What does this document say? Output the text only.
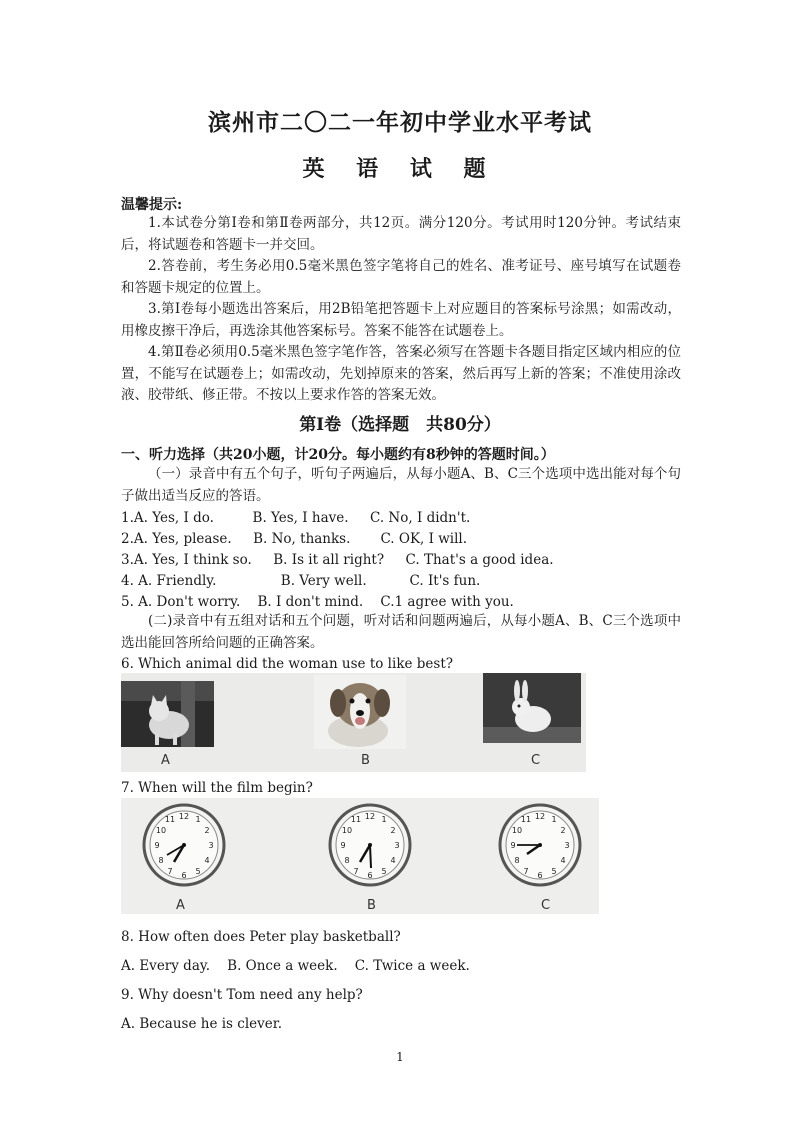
滨州市二〇二一年初中学业水平考试
英 语 试 题
温馨提示:
1.本试卷分第Ⅰ卷和第Ⅱ卷两部分，共12页。满分120分。考试用时120分钟。考试结束后，将试题卷和答题卡一并交回。
2.答卷前，考生务必用0.5毫米黑色签字笔将自己的姓名、准考证号、座号填写在试题卷和答题卡规定的位置上。
3.第Ⅰ卷每小题选出答案后，用2B铅笔把答题卡上对应题目的答案标号涂黑；如需改动，用橡皮擦干净后，再选涂其他答案标号。答案不能答在试题卷上。
4.第Ⅱ卷必须用0.5毫米黑色签字笔作答，答案必须写在答题卡各题目指定区域内相应的位置，不能写在试题卷上；如需改动，先划掉原来的答案，然后再写上新的答案；不准使用涂改液、胶带纸、修正带。不按以上要求作答的答案无效。
第Ⅰ卷（选择题　共80分）
一、听力选择（共20小题，计20分。每小题约有8秒钟的答题时间。）
（一）录音中有五个句子，听句子两遍后，从每小题A、B、C三个选项中选出能对每个句子做出适当反应的答语。
1.A. Yes, I do.         B. Yes, I have.     C. No, I didn't.
2.A. Yes, please.     B. No, thanks.       C. OK, I will.
3.A. Yes, I think so.     B. Is it all right?     C. That's a good idea.
4. A. Friendly.               B. Very well.          C. It's fun.
5. A. Don't worry.    B. I don't mind.    C.1 agree with you.
(二)录音中有五组对话和五个问题，听对话和问题两遍后，从每小题A、B、C三个选项中选出能回答所给问题的正确答案。
6. Which animal did the woman use to like best?
A	B	C
7. When will the film begin?
12 1
2
3
4
5
6
7
8
9
10
11
A
12 1
2
3
4
5
6
7
8
9
10
11
B
12 1
2
3
4
5
6
7
8
9
10
11
C
8. How often does Peter play basketball?
A. Every day.    B. Once a week.    C. Twice a week.
9. Why doesn't Tom need any help?
A. Because he is clever.
1
